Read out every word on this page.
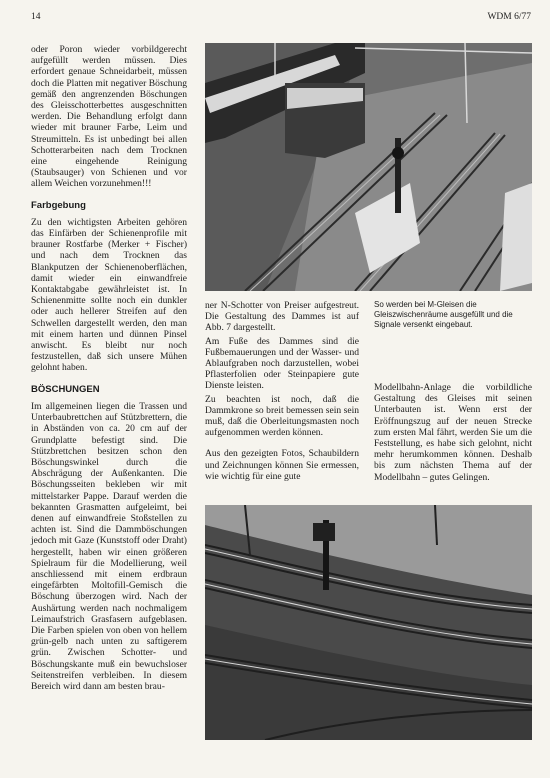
14	WDM 6/77

oder Poron wieder vorbildgerecht aufgefüllt werden müssen. Dies erfordert genaue Schneidarbeit, müssen doch die Platten mit negativer Böschung gemäß den angrenzenden Böschungen des Gleisschotterbettes ausgeschnitten werden. Die Behandlung erfolgt dann wieder mit brauner Farbe, Leim und Streumitteln. Es ist unbedingt bei allen Schotterarbeiten nach dem Trocknen eine eingehende Reinigung (Staubsauger) von Schienen und vor allem Weichen vorzunehmen!!!

Farbgebung

Zu den wichtigsten Arbeiten gehören das Einfärben der Schienenprofile mit brauner Rostfarbe (Merker + Fischer) und nach dem Trocknen das Blankputzen der Schienenoberflächen, damit wieder ein einwandfreie Kontaktabgabe gewährleistet ist. In Schienenmitte sollte noch ein dunkler oder auch hellerer Streifen auf den Schwellen dargestellt werden, den man mit einem harten und dünnen Pinsel anwischt. Es bleibt nur noch festzustellen, daß sich unsere Mühen gelohnt haben.

BÖSCHUNGEN

Im allgemeinen liegen die Trassen und Unterbaubrettchen auf Stützbrettern, die in Abständen von ca. 20 cm auf der Grundplatte befestigt sind. Die Stützbrettchen besitzen schon den Böschungswinkel durch die Abschrägung der Außenkanten. Die Böschungsseiten bekleben wir mit mittelstarker Pappe. Darauf werden die bekannten Grasmatten aufgeleimt, bei denen auf einwandfreie Stoßstellen zu achten ist. Sind die Dammböschungen jedoch mit Gaze (Kunststoff oder Draht) hergestellt, haben wir einen größeren Spielraum für die Modellierung, weil anschliessend mit einem erdbraun eingefärbten Moltofill-Gemisch die Böschung überzogen wird. Nach der Aushärtung werden nach nochmaligem Leimaufstrich Grasfasern aufgeblasen. Die Farben spielen von oben von hellem grün-gelb nach unten zu saftigerem grün. Zwischen Schotter- und Böschungskante muß ein bewuchsloser Seitenstreifen verbleiben. In diesem Bereich wird dann am besten brau-

So werden bei M-Gleisen die Gleiszwischenräume ausgefüllt und die Signale versenkt eingebaut.

ner N-Schotter von Preiser aufgestreut. Die Gestaltung des Dammes ist auf Abb. 7 dargestellt.

Am Fuße des Dammes sind die Fußbemauerungen und der Wasser- und Ablaufgraben noch darzustellen, wobei Pflasterfolien oder Steinpapiere gute Dienste leisten.

Zu beachten ist noch, daß die Dammkrone so breit bemessen sein sein muß, daß die Oberleitungsmasten noch aufgenommen werden können.

Aus den gezeigten Fotos, Schaubildern und Zeichnungen können Sie ermessen, wie wichtig für eine gute

Modellbahn-Anlage die vorbildliche Gestaltung des Gleises mit seinen Unterbauten ist. Wenn erst der Eröffnungszug auf der neuen Strecke zum ersten Mal fährt, werden Sie um die Feststellung, es habe sich gelohnt, nicht mehr herumkommen können. Deshalb bis zum nächsten Thema auf der Modellbahn – gutes Gelingen.
